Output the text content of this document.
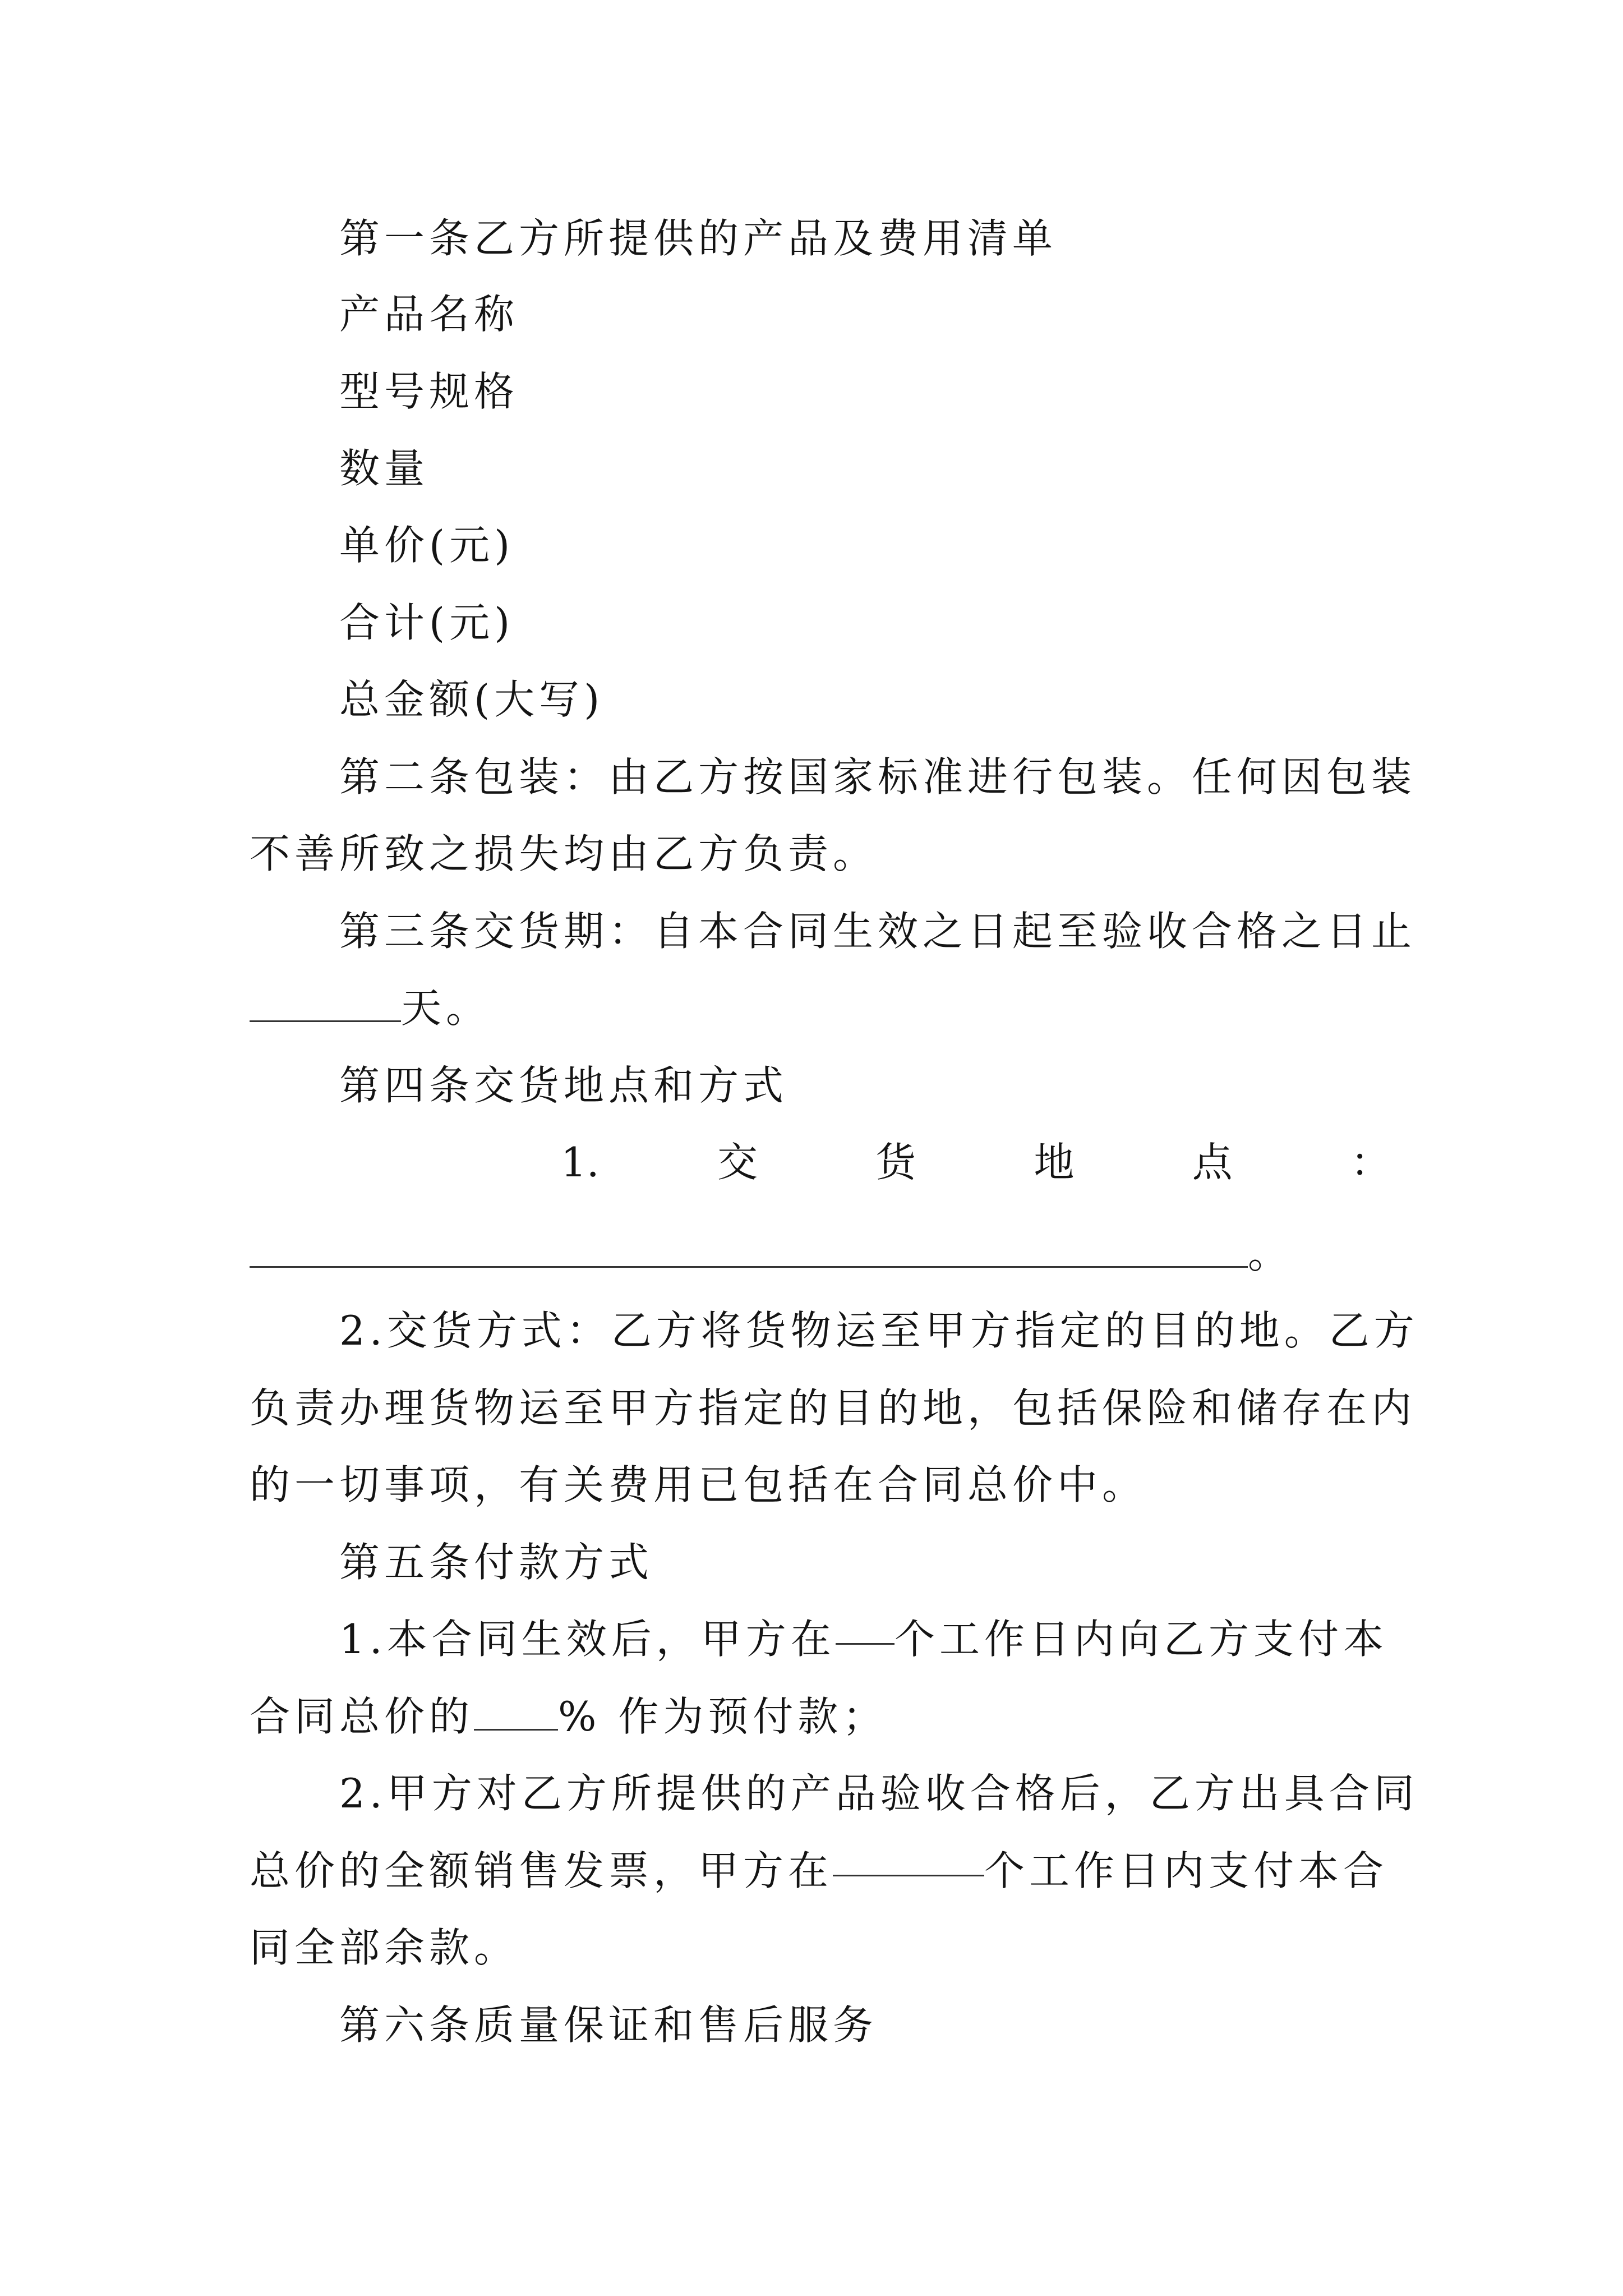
第一条乙方所提供的产品及费用清单
产品名称
型号规格
数量
单价(元)
合计(元)
总金额(大写)
第二条包装：由乙方按国家标准进行包装。任何因包装
不善所致之损失均由乙方负责。
第三条交货期：自本合同生效之日起至验收合格之日止
天。
第四条交货地点和方式
1.	交	货	地	点	：
。
2.交货方式：乙方将货物运至甲方指定的目的地。乙方
负责办理货物运至甲方指定的目的地，包括保险和储存在内
的一切事项，有关费用已包括在合同总价中。
第五条付款方式
1.本合同生效后，甲方在 个工作日内向乙方支付本
合同总价的 % 作为预付款；
2.甲方对乙方所提供的产品验收合格后，乙方出具合同
总价的全额销售发票，甲方在	个工作日内支付本合
同全部余款。
第六条质量保证和售后服务
